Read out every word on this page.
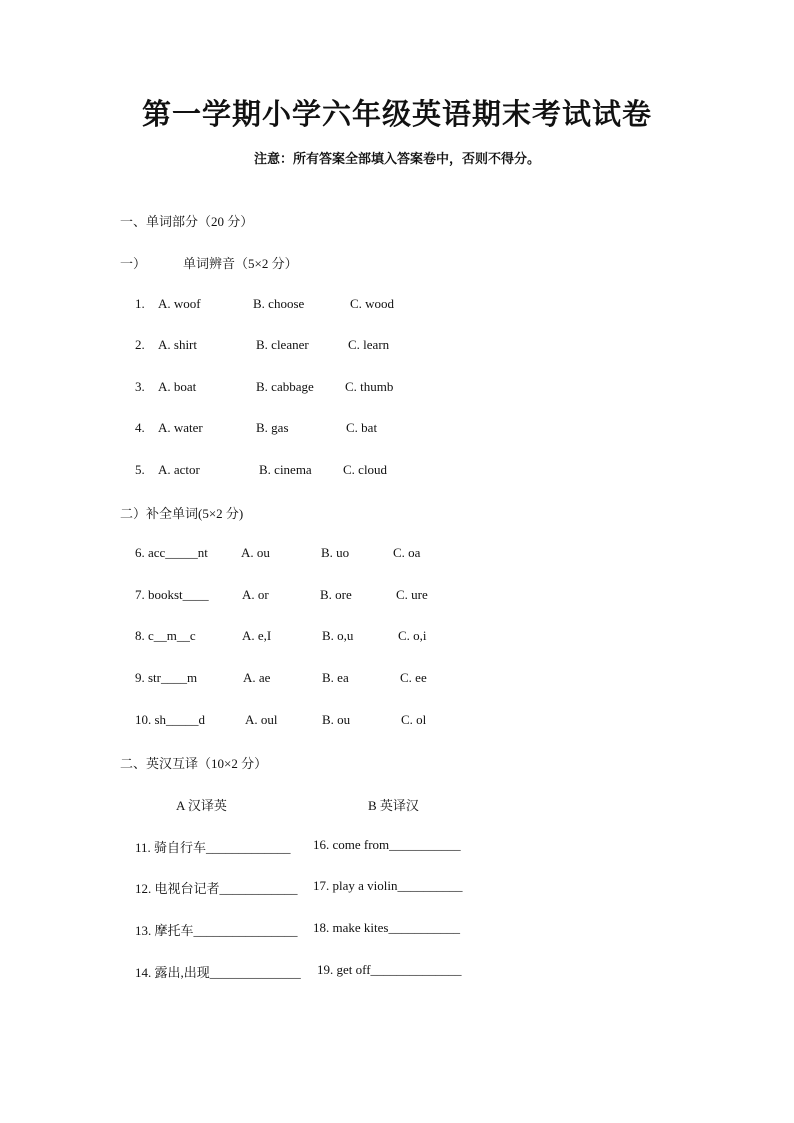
第一学期小学六年级英语期末考试试卷
注意：所有答案全部填入答案卷中，否则不得分。
一、单词部分（20 分）
一）	单词辨音（5×2 分）
1. A. woof	B. choose	C. wood
2. A. shirt	B. cleaner	C. learn
3. A. boat	B. cabbage C. thumb
4. A. water	B. gas	C. bat
5. A. actor	B. cinema C. cloud
二）补全单词(5×2 分)
6. acc_____nt	A. ou	B. uo	C. oa
7. bookst____	A. or	B. ore	C. ure
8. c__m__c	A. e,I	B. o,u	C. o,i
9. str____m	A. ae	B. ea	C. ee
10. sh_____d	A. oul	B. ou	C. ol
二、英汉互译（10×2 分）
A 汉译英	B 英译汉
11. 骑自行车_____________ 16. come from___________
12. 电视台记者____________ 17. play a violin__________
13. 摩托车________________ 18. make kites___________
14. 露出,出现______________ 19. get off______________
